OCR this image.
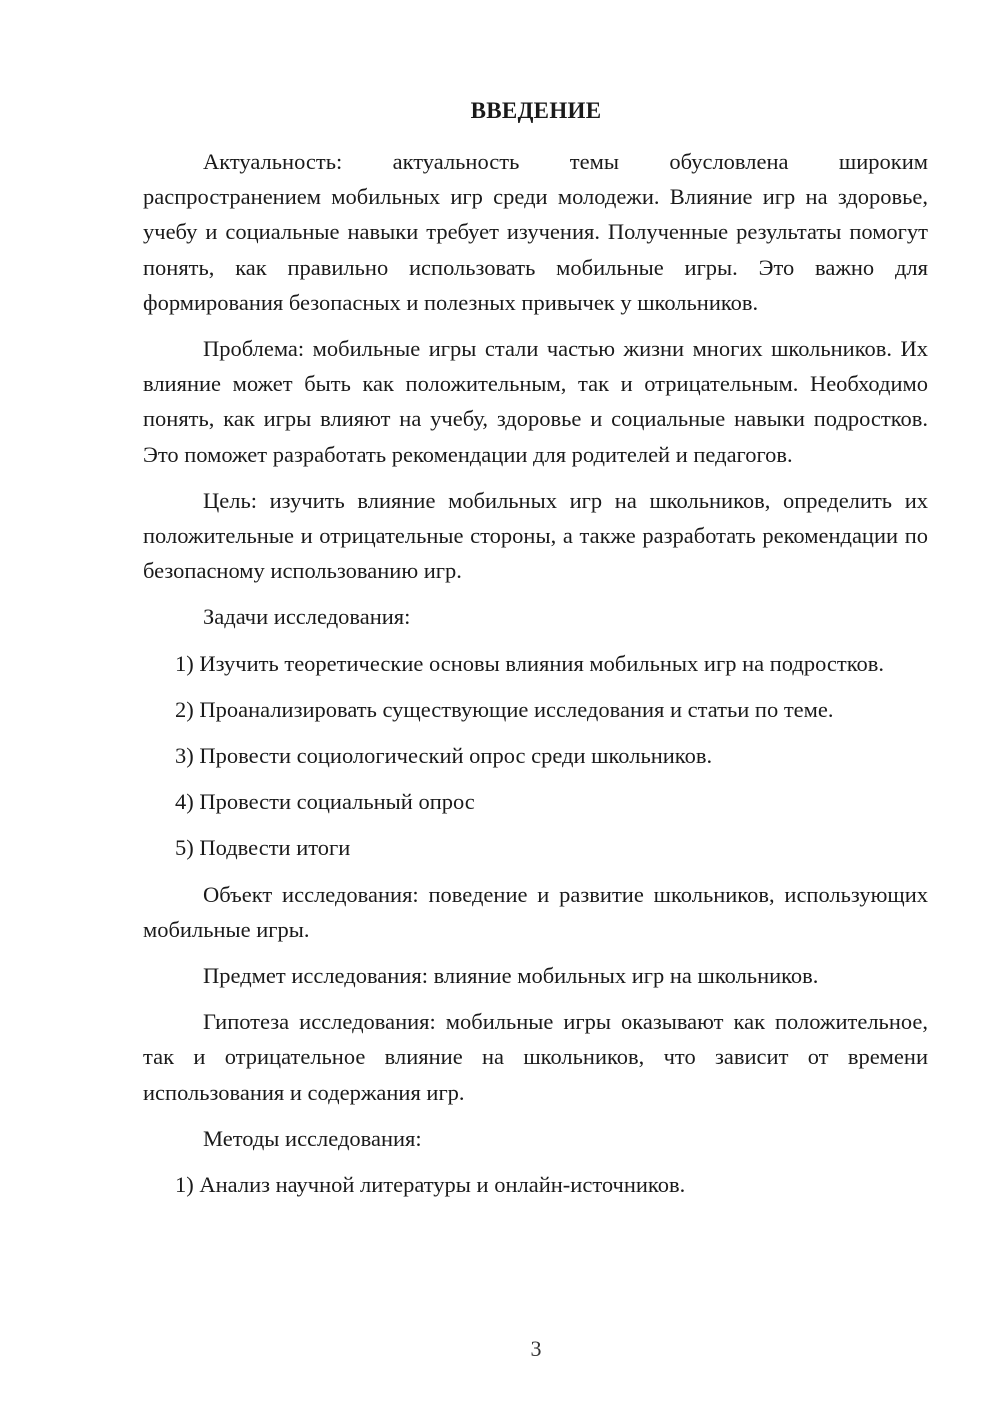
ВВЕДЕНИЕ

Актуальность: актуальность темы обусловлена широким распространением мобильных игр среди молодежи. Влияние игр на здоровье, учебу и социальные навыки требует изучения. Полученные результаты помогут понять, как правильно использовать мобильные игры. Это важно для формирования безопасных и полезных привычек у школьников.

Проблема: мобильные игры стали частью жизни многих школьников. Их влияние может быть как положительным, так и отрицательным. Необходимо понять, как игры влияют на учебу, здоровье и социальные навыки подростков. Это поможет разработать рекомендации для родителей и педагогов.

Цель: изучить влияние мобильных игр на школьников, определить их положительные и отрицательные стороны, а также разработать рекомендации по безопасному использованию игр.

Задачи исследования:

1) Изучить теоретические основы влияния мобильных игр на подростков.

2) Проанализировать существующие исследования и статьи по теме.

3) Провести социологический опрос среди школьников.

4) Провести социальный опрос

5) Подвести итоги

Объект исследования: поведение и развитие школьников, использующих мобильные игры.

Предмет исследования: влияние мобильных игр на школьников.

Гипотеза исследования: мобильные игры оказывают как положительное, так и отрицательное влияние на школьников, что зависит от времени использования и содержания игр.

Методы исследования:

1) Анализ научной литературы и онлайн-источников.

3
